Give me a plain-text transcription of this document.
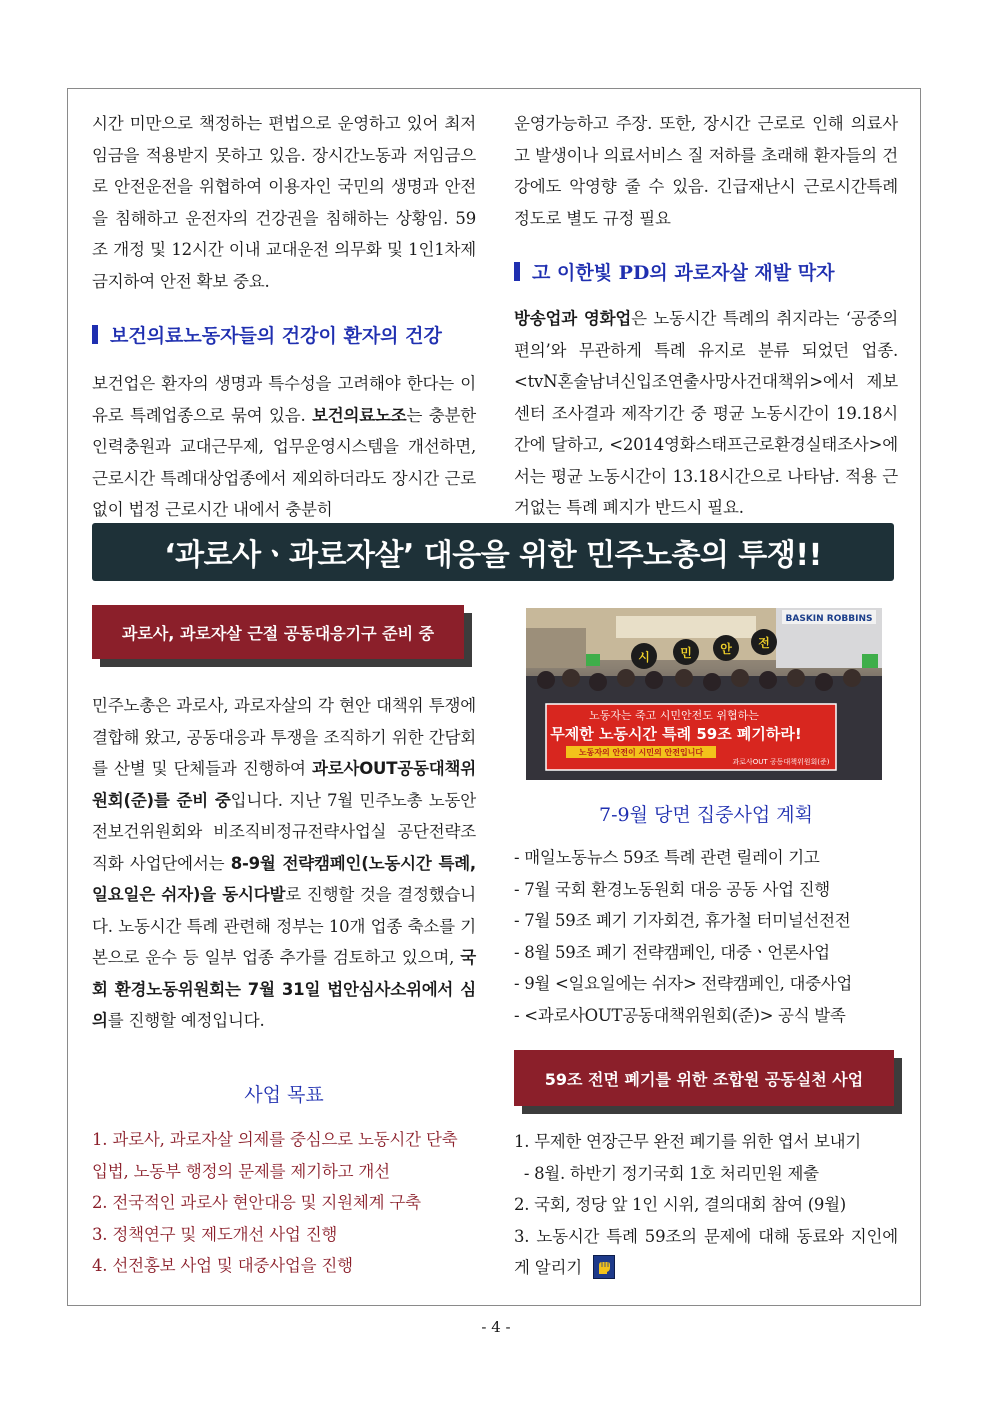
시간 미만으로 책정하는 편법으로 운영하고 있어 최저임금을 적용받지 못하고 있음. 장시간노동과 저임금으로 안전운전을 위협하여 이용자인 국민의 생명과 안전을 침해하고 운전자의 건강권을 침해하는 상황임. 59조 개정 및 12시간 이내 교대운전 의무화 및 1인1차제 금지하여 안전 확보 중요.

보건의료노동자들의 건강이 환자의 건강

보건업은 환자의 생명과 특수성을 고려해야 한다는 이유로 특례업종으로 묶여 있음. 보건의료노조는 충분한 인력충원과 교대근무제, 업무운영시스템을 개선하면, 근로시간 특례대상업종에서 제외하더라도 장시간 근로없이 법정 근로시간 내에서 충분히

운영가능하고 주장. 또한, 장시간 근로로 인해 의료사고 발생이나 의료서비스 질 저하를 초래해 환자들의 건강에도 악영향 줄 수 있음. 긴급재난시 근로시간특례 정도로 별도 규정 필요

고 이한빛 PD의 과로자살 재발 막자

방송업과 영화업은 노동시간 특례의 취지라는 ‘공중의 편의’와 무관하게 특례 유지로 분류 되었던 업종. <tvN혼술남녀신입조연출사망사건대책위>에서 제보센터 조사결과 제작기간 중 평균 노동시간이 19.18시간에 달하고, <2014영화스태프근로환경실태조사>에서는 평균 노동시간이 13.18시간으로 나타남. 적용 근거없는 특례 폐지가 반드시 필요.

‘과로사ㆍ과로자살’ 대응을 위한 민주노총의 투쟁!!
과로사, 과로자살 근절 공동대응기구 준비 중

민주노총은 과로사, 과로자살의 각 현안 대책위 투쟁에 결합해 왔고, 공동대응과 투쟁을 조직하기 위한 간담회를 산별 및 단체들과 진행하여 과로사OUT공동대책위원회(준)를 준비 중입니다. 지난 7월 민주노총 노동안전보건위원회와 비조직비정규전략사업실 공단전략조직화 사업단에서는 8-9월 전략캠페인(노동시간 특례, 일요일은 쉬자)을 동시다발로 진행할 것을 결정했습니다. 노동시간 특례 관련해 정부는 10개 업종 축소를 기본으로 운수 등 일부 업종 추가를 검토하고 있으며, 국회 환경노동위원회는 7월 31일 법안심사소위에서 심의를 진행할 예정입니다.

사업 목표
1. 과로사, 과로자살 의제를 중심으로 노동시간 단축 입법, 노동부 행정의 문제를 제기하고 개선
2. 전국적인 과로사 현안대응 및 지원체계 구축
3. 정책연구 및 제도개선 사업 진행
4. 선전홍보 사업 및 대중사업을 진행
BASKIN ROBBINS
시	민 안 전
노동자는 죽고 시민안전도 위협하는
무제한 노동시간 특례 59조 폐기하라!
노동자의 안전이 시민의 안전입니다
과로사OUT 공동대책위원회(준)
7-9월 당면 집중사업 계획
- 매일노동뉴스 59조 특례 관련 릴레이 기고
- 7월 국회 환경노동원회 대응 공동 사업 진행
- 7월 59조 폐기 기자회견, 휴가철 터미널선전전
- 8월 59조 폐기 전략캠페인, 대중ㆍ언론사업
- 9월 <일요일에는 쉬자> 전략캠페인, 대중사업
- <과로사OUT공동대책위원회(준)> 공식 발족
59조 전면 폐기를 위한 조합원 공동실천 사업
1. 무제한 연장근무 완전 폐기를 위한 엽서 보내기
- 8월. 하반기 정기국회 1호 처리민원 제출
2. 국회, 정당 앞 1인 시위, 결의대회 참여 (9월)

3. 노동시간 특례 59조의 문제에 대해 동료와 지인에게 알리기

- 4 -
